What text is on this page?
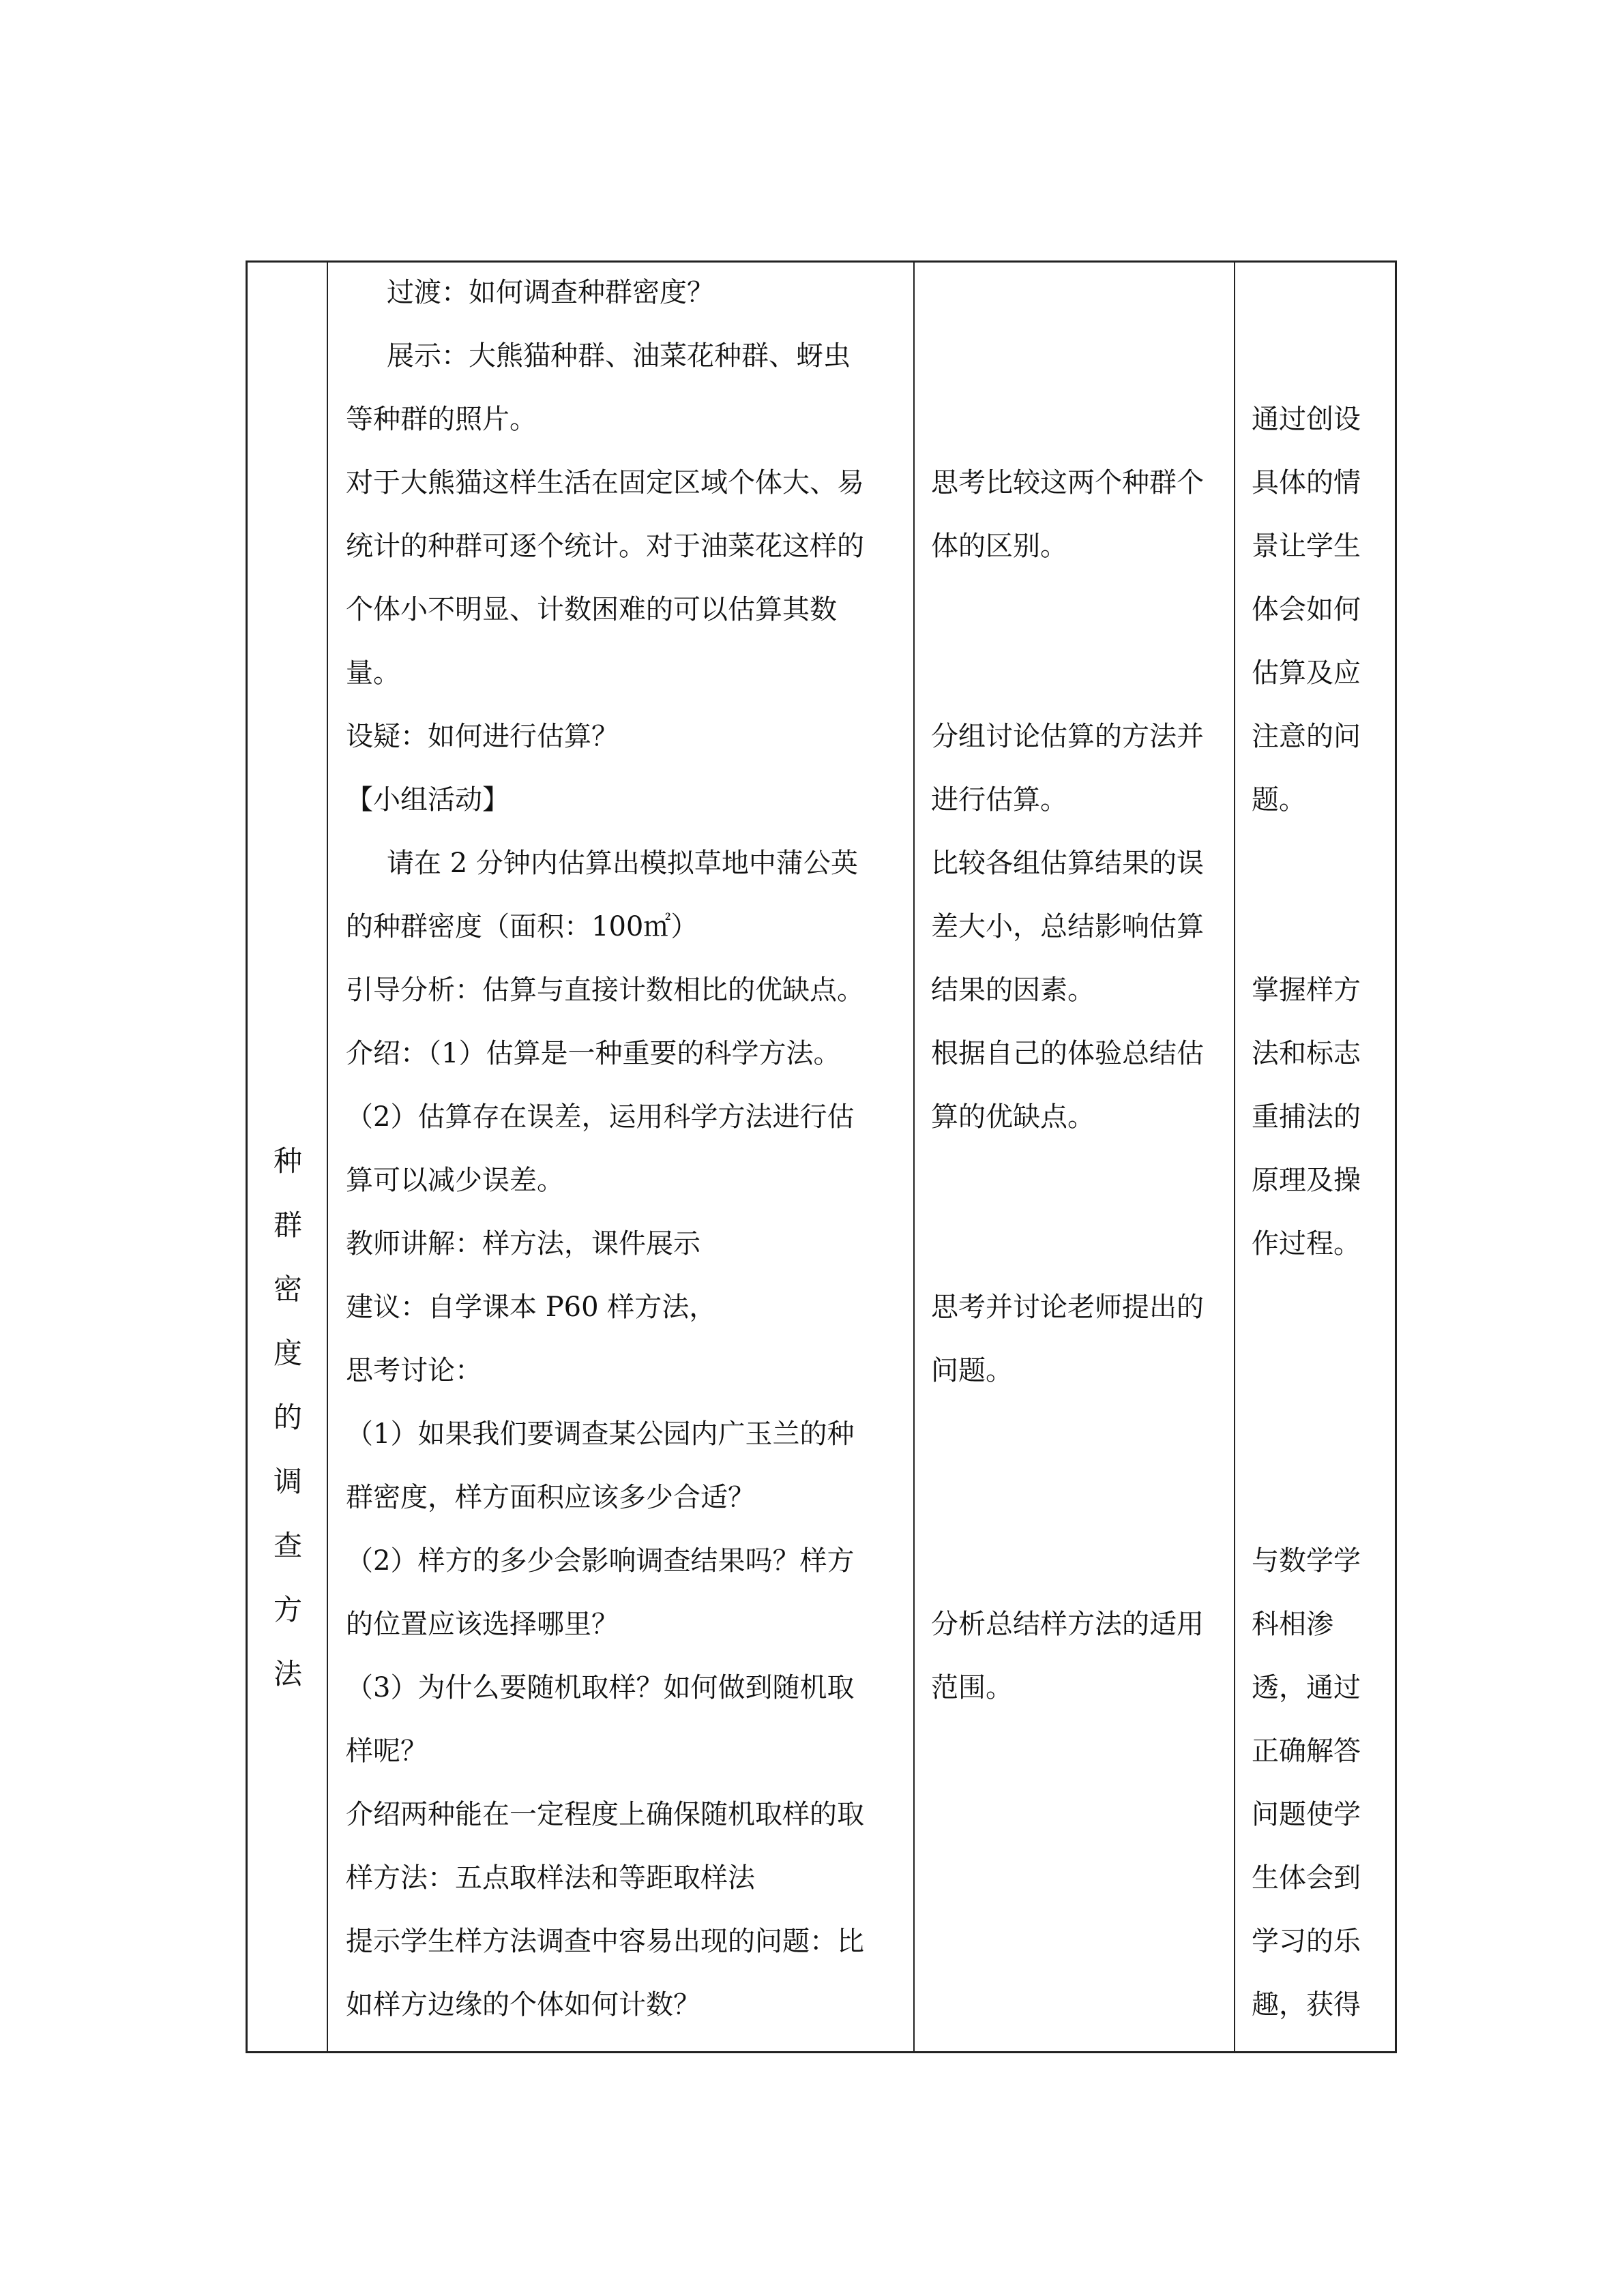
种
群
密
度
的
调
查
方
法
过渡：如何调查种群密度？
展示：大熊猫种群、油菜花种群、蚜虫
等种群的照片。
对于大熊猫这样生活在固定区域个体大、易
统计的种群可逐个统计。对于油菜花这样的
个体小不明显、计数困难的可以估算其数
量。
设疑：如何进行估算？
【小组活动】
请在 2 分钟内估算出模拟草地中蒲公英
的种群密度（面积：100㎡）
引导分析：估算与直接计数相比的优缺点。
介绍：（1）估算是一种重要的科学方法。
（2）估算存在误差，运用科学方法进行估
算可以减少误差。
教师讲解：样方法，课件展示
建议：自学课本 P60 样方法，
思考讨论：
（1）如果我们要调查某公园内广玉兰的种
群密度，样方面积应该多少合适？
（2）样方的多少会影响调查结果吗？样方
的位置应该选择哪里？
（3）为什么要随机取样？如何做到随机取
样呢？
介绍两种能在一定程度上确保随机取样的取
样方法：五点取样法和等距取样法
提示学生样方法调查中容易出现的问题：比
如样方边缘的个体如何计数？
思考比较这两个种群个
体的区别。
分组讨论估算的方法并
进行估算。
比较各组估算结果的误
差大小，总结影响估算
结果的因素。
根据自己的体验总结估
算的优缺点。
思考并讨论老师提出的
问题。
分析总结样方法的适用
范围。
通过创设
具体的情
景让学生
体会如何
估算及应
注意的问
题。
掌握样方
法和标志
重捕法的
原理及操
作过程。
与数学学
科相渗
透，通过
正确解答
问题使学
生体会到
学习的乐
趣，获得
